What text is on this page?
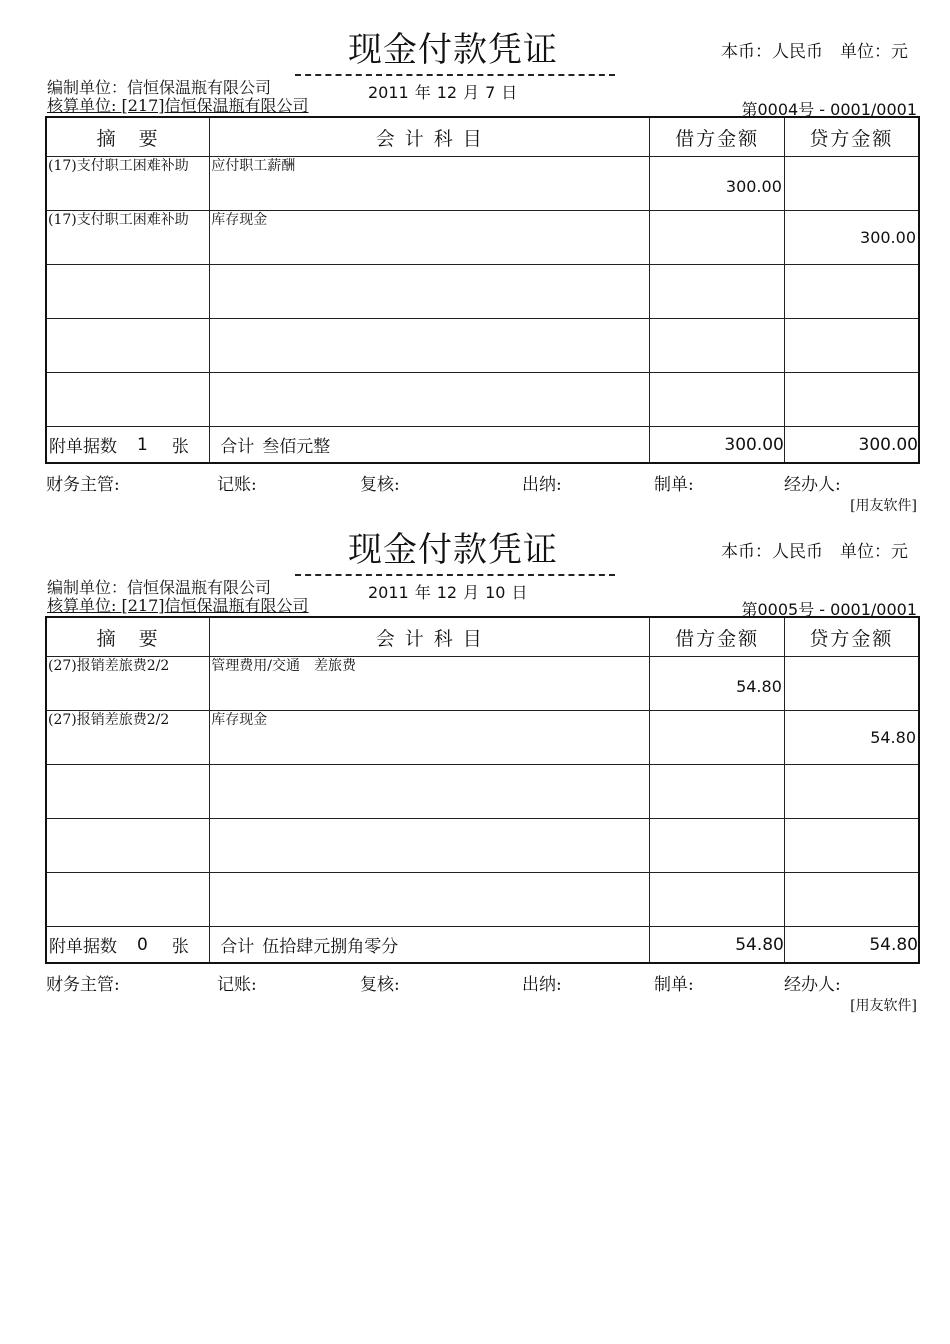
现金付款凭证	本币：人民币　单位：元
编制单位：信恒保温瓶有限公司
核算单位: [217]信恒保温瓶有限公司
2011 年 12 月 7 日
第0004号 - 0001/0001
摘　要	会 计 科 目	借方金额	贷方金额

(17)支付职工困难补助	应付职工薪酬	300.00	

(17)支付职工困难补助	库存现金		300.00

附单据数 1 张	合计 叁佰元整	300.00	300.00
财务主管:	记账:	复核:	出纳:	制单:	经办人:
[用友软件]
现金付款凭证	本币：人民币　单位：元
编制单位：信恒保温瓶有限公司
核算单位: [217]信恒保温瓶有限公司
2011 年 12 月 10 日
第0005号 - 0001/0001
摘　要	会 计 科 目	借方金额	贷方金额

(27)报销差旅费2/2	管理费用/交通　差旅费	54.80	

(27)报销差旅费2/2	库存现金		54.80

附单据数 0 张	合计 伍拾肆元捌角零分	54.80	54.80
财务主管:	记账:	复核:	出纳:	制单:	经办人:
[用友软件]
